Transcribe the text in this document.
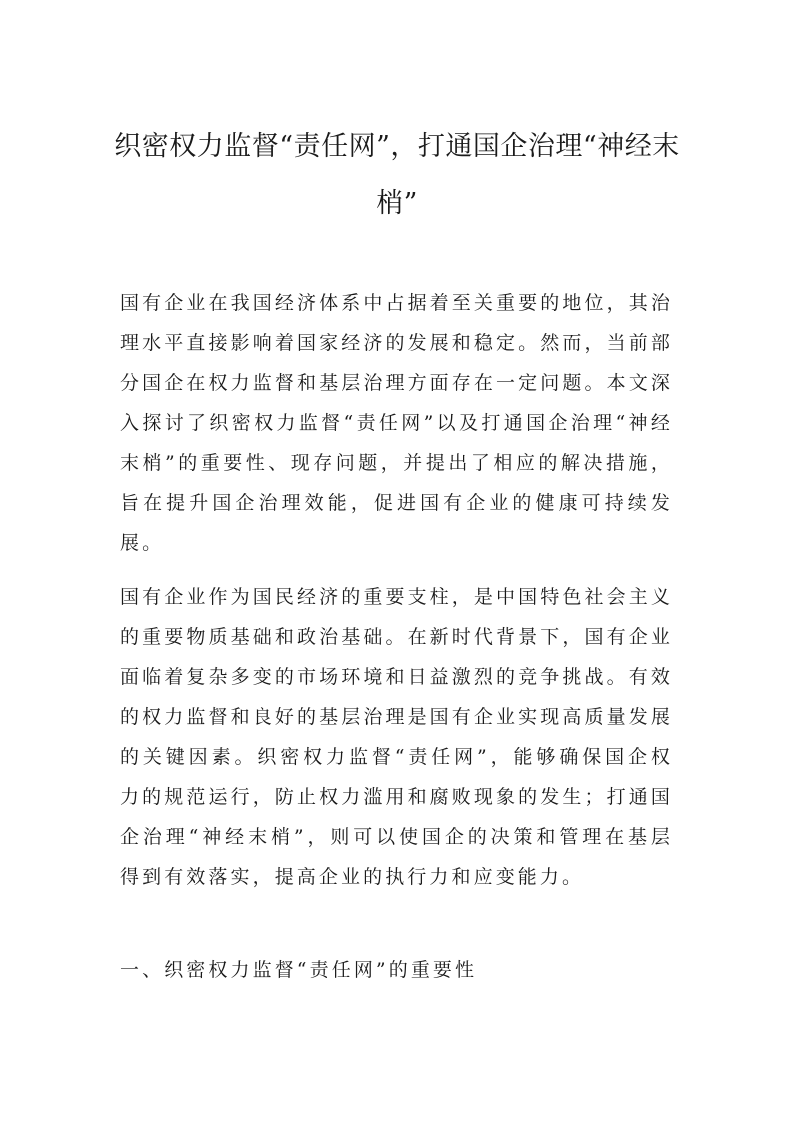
织密权力监督“责任网”，打通国企治理“神经末梢”

国有企业在我国经济体系中占据着至关重要的地位，其治理水平直接影响着国家经济的发展和稳定。然而，当前部分国企在权力监督和基层治理方面存在一定问题。本文深入探讨了织密权力监督“责任网”以及打通国企治理“神经末梢”的重要性、现存问题，并提出了相应的解决措施，旨在提升国企治理效能，促进国有企业的健康可持续发展。

国有企业作为国民经济的重要支柱，是中国特色社会主义的重要物质基础和政治基础。在新时代背景下，国有企业面临着复杂多变的市场环境和日益激烈的竞争挑战。有效的权力监督和良好的基层治理是国有企业实现高质量发展的关键因素。织密权力监督“责任网”，能够确保国企权力的规范运行，防止权力滥用和腐败现象的发生；打通国企治理“神经末梢”，则可以使国企的决策和管理在基层得到有效落实，提高企业的执行力和应变能力。

一、织密权力监督“责任网”的重要性
